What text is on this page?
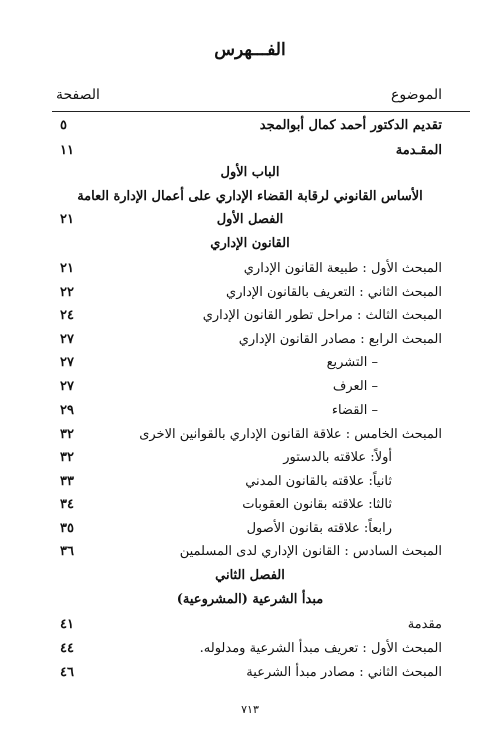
الفـــهرس
الموضوع
الصفحة
تقديم الدكتور أحمد كمال أبوالمجد
٥
المقـدمة
١١
الباب الأول
الأساس القانوني لرقابة القضاء الإداري على أعمال الإدارة العامة
الفصل الأول
٢١
القانون الإداري
المبحث الأول : طبيعة القانون الإداري
٢١
المبحث الثاني : التعريف بالقانون الإداري
٢٢
المبحث الثالث : مراحل تطور القانون الإداري
٢٤
المبحث الرابع : مصادر القانون الإداري
٢٧
– التشريع
٢٧
– العرف
٢٧
– القضاء
٢٩
المبحث الخامس : علاقة القانون الإداري بالقوانين الاخرى
٣٢
أولاً: علاقته بالدستور
٣٢
ثانياً: علاقته بالقانون المدني
٣٣
ثالثا: علاقته بقانون العقوبات
٣٤
رابعاً: علاقته بقانون الأصول
٣٥
المبحث السادس : القانون الإداري لدى المسلمين
٣٦
الفصل الثاني
مبدأ الشرعية (المشروعية)
مقدمة
٤١
المبحث الأول : تعريف مبدأ الشرعية ومدلوله.
٤٤
المبحث الثاني : مصادر مبدأ الشرعية
٤٦
٧١٣
